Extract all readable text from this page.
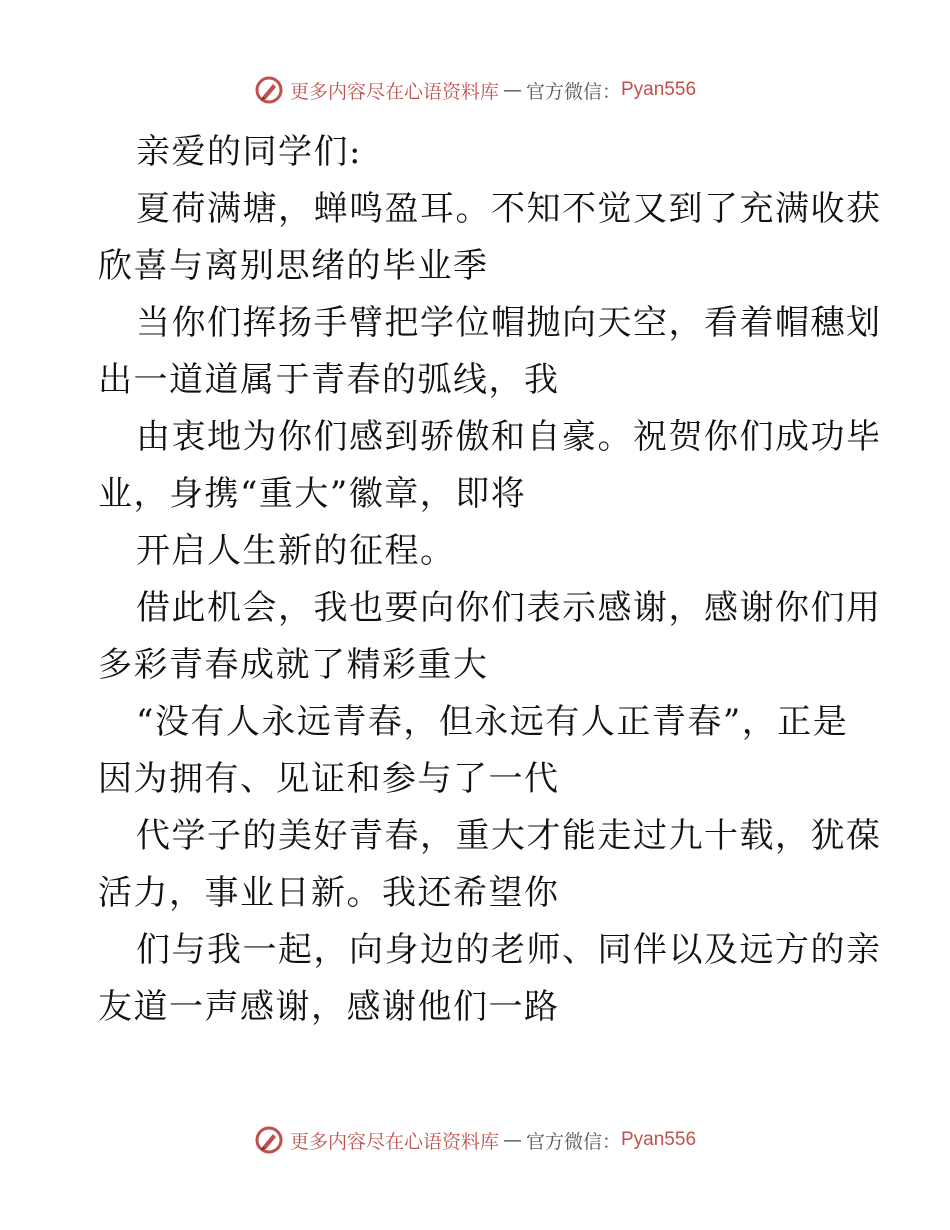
更多内容尽在心语资料库 — 官方微信： Pyan556

亲爱的同学们:

夏荷满塘，蝉鸣盈耳。不知不觉又到了充满收获

欣喜与离别思绪的毕业季

当你们挥扬手臂把学位帽抛向天空，看着帽穗划

出一道道属于青春的弧线，我

由衷地为你们感到骄傲和自豪。祝贺你们成功毕

业，身携“重大”徽章，即将

开启人生新的征程。

借此机会，我也要向你们表示感谢，感谢你们用

多彩青春成就了精彩重大

“没有人永远青春，但永远有人正青春”，正是

因为拥有、见证和参与了一代

代学子的美好青春，重大才能走过九十载，犹葆

活力，事业日新。我还希望你

们与我一起，向身边的老师、同伴以及远方的亲

友道一声感谢，感谢他们一路

更多内容尽在心语资料库 — 官方微信： Pyan556
